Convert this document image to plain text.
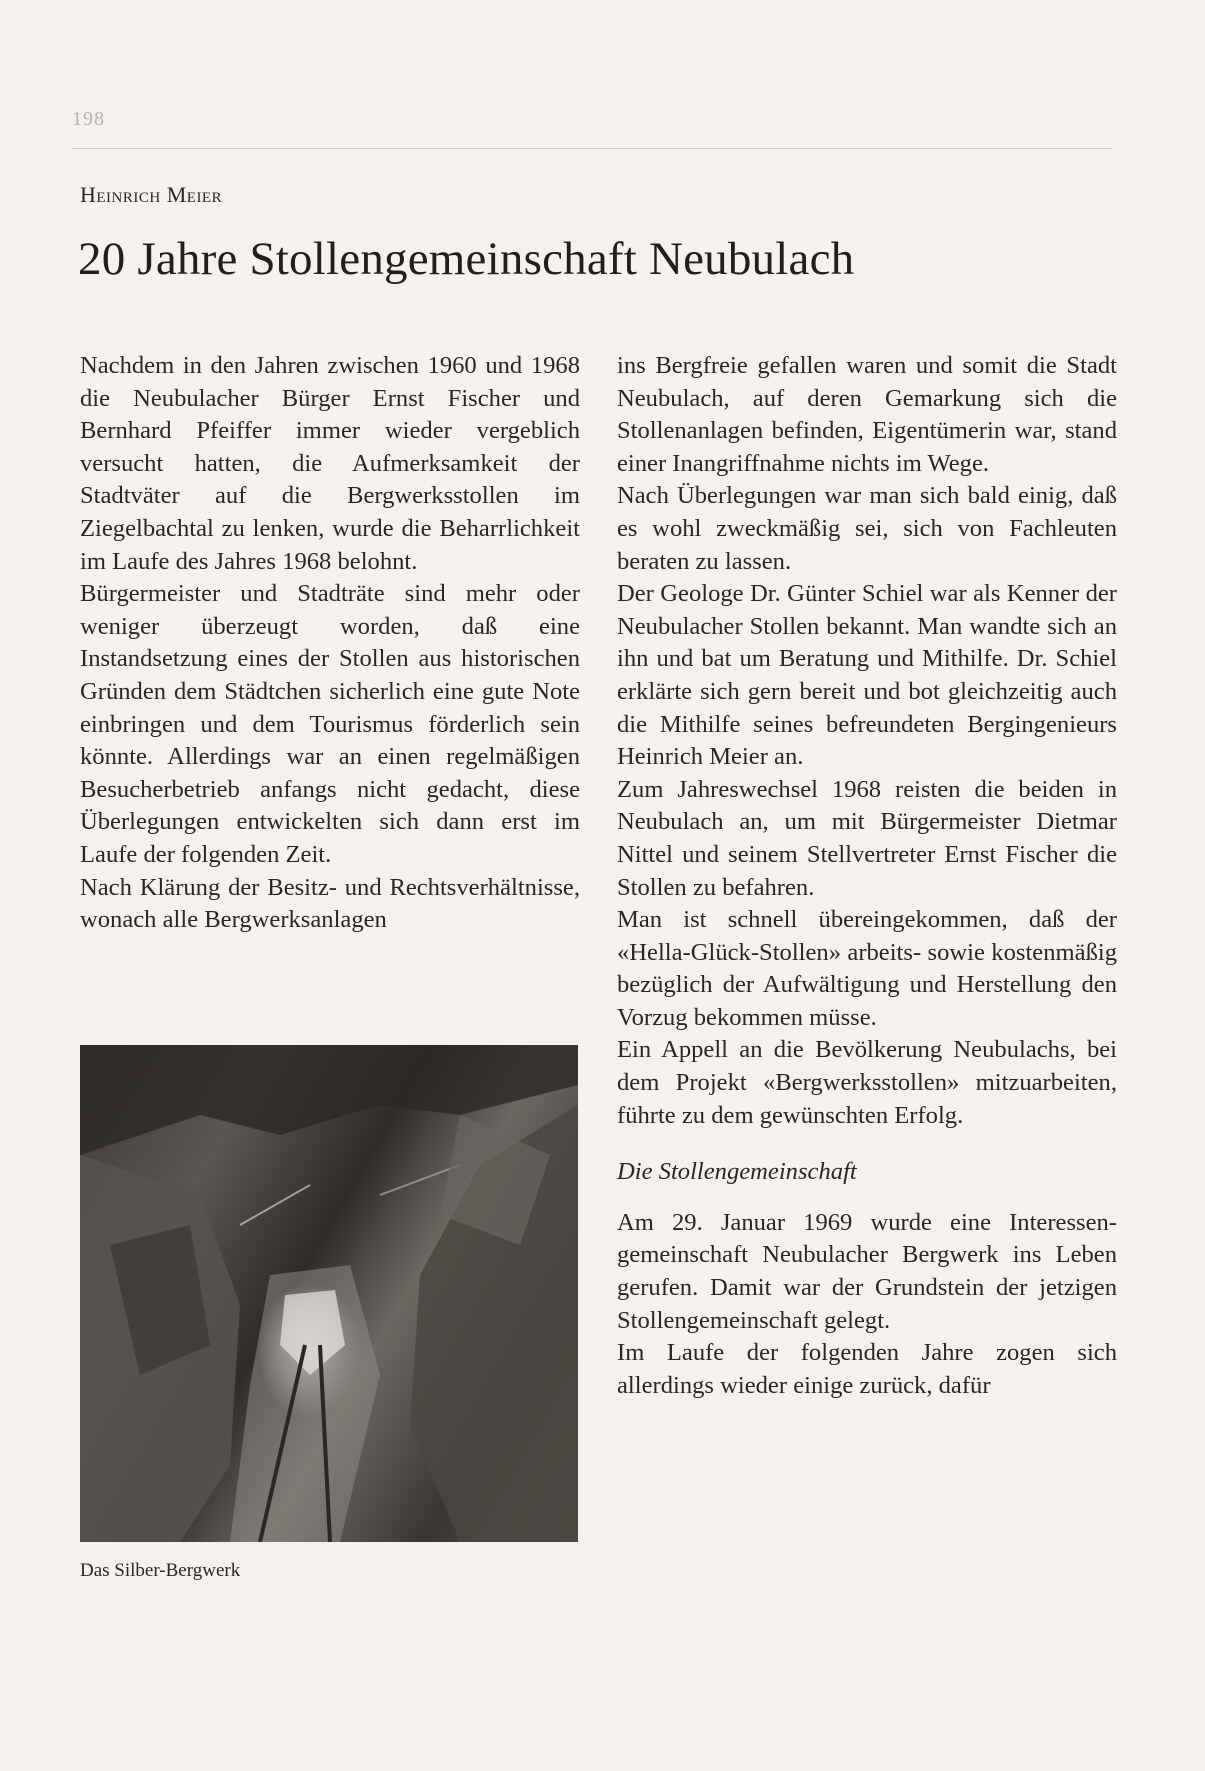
198
Heinrich Meier
20 Jahre Stollengemeinschaft Neubulach

Nachdem in den Jahren zwischen 1960 und 1968 die Neubulacher Bürger Ernst Fischer und Bernhard Pfeiffer immer wieder vergeblich versucht hatten, die Aufmerksamkeit der Stadtväter auf die Bergwerksstollen im Ziegelbachtal zu lenken, wurde die Beharrlichkeit im Laufe des Jahres 1968 belohnt.

Bürgermeister und Stadträte sind mehr oder weniger überzeugt worden, daß eine Instandsetzung eines der Stollen aus historischen Gründen dem Städtchen sicherlich eine gute Note einbringen und dem Tourismus förderlich sein könnte. Allerdings war an einen regelmäßigen Besucherbetrieb anfangs nicht gedacht, diese Überlegungen entwickelten sich dann erst im Laufe der folgenden Zeit.

Nach Klärung der Besitz- und Rechtsverhältnisse, wonach alle Bergwerksanlagen

Das Silber-Bergwerk

ins Bergfreie gefallen waren und somit die Stadt Neubulach, auf deren Gemarkung sich die Stollenanlagen befinden, Eigentümerin war, stand einer Inangriffnahme nichts im Wege.

Nach Überlegungen war man sich bald einig, daß es wohl zweckmäßig sei, sich von Fachleuten beraten zu lassen.

Der Geologe Dr. Günter Schiel war als Kenner der Neubulacher Stollen bekannt. Man wandte sich an ihn und bat um Beratung und Mithilfe. Dr. Schiel erklärte sich gern bereit und bot gleichzeitig auch die Mithilfe seines befreundeten Bergingenieurs Heinrich Meier an.

Zum Jahreswechsel 1968 reisten die beiden in Neubulach an, um mit Bürgermeister Dietmar Nittel und seinem Stellvertreter Ernst Fischer die Stollen zu befahren.

Man ist schnell übereingekommen, daß der «Hella-Glück-Stollen» arbeits- sowie kostenmäßig bezüglich der Aufwältigung und Herstellung den Vorzug bekommen müsse.

Ein Appell an die Bevölkerung Neubulachs, bei dem Projekt «Bergwerksstollen» mitzuarbeiten, führte zu dem gewünschten Erfolg.

Die Stollengemeinschaft

Am 29. Januar 1969 wurde eine Interessengemeinschaft Neubulacher Bergwerk ins Leben gerufen. Damit war der Grundstein der jetzigen Stollengemeinschaft gelegt.

Im Laufe der folgenden Jahre zogen sich allerdings wieder einige zurück, dafür
